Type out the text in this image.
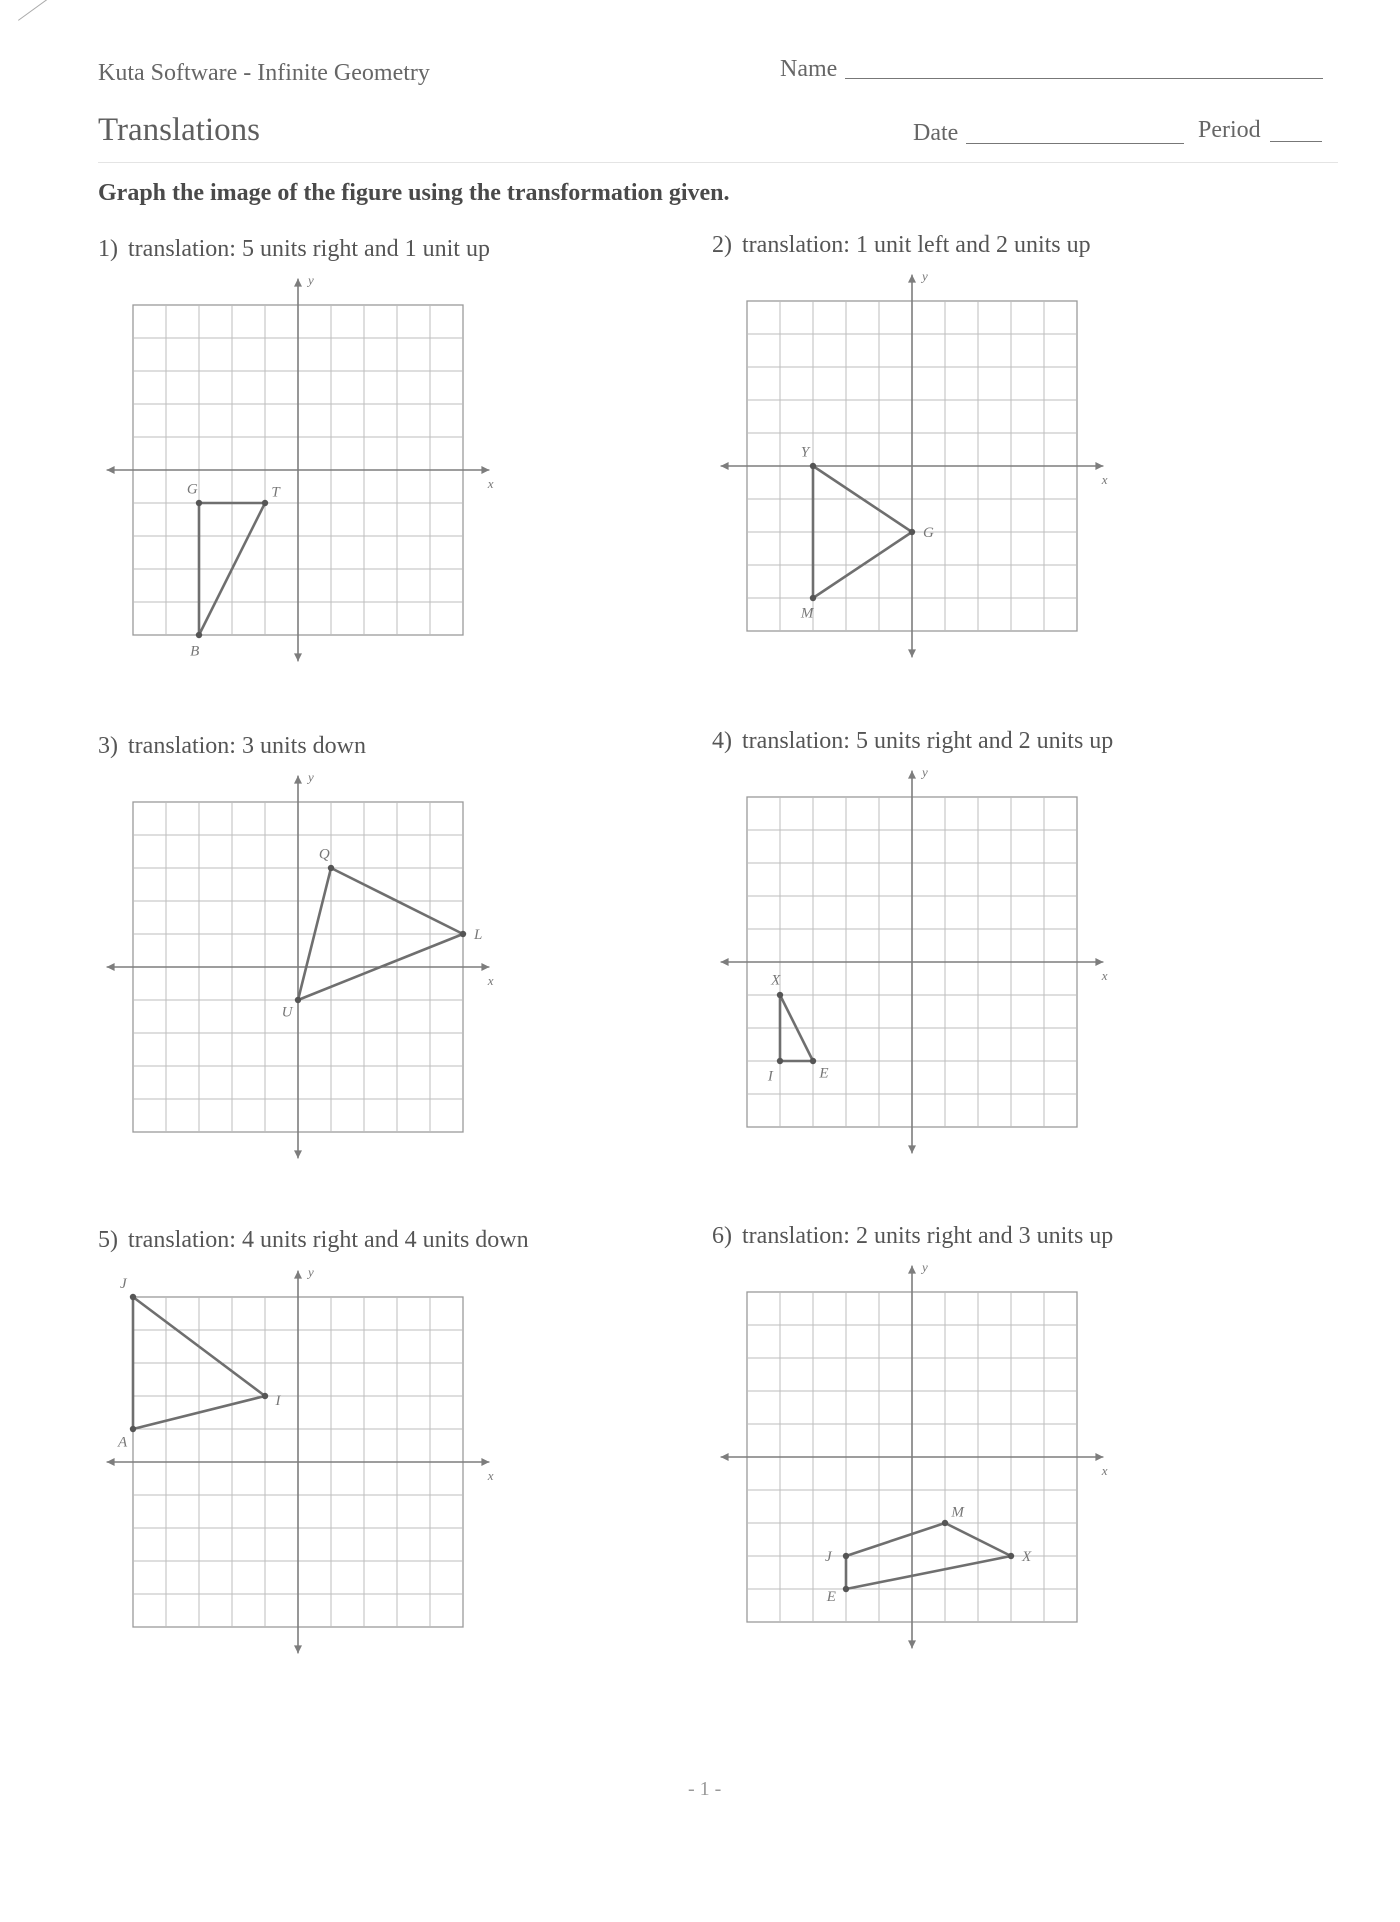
Kuta Software - Infinite Geometry	Name
Translations	Date	Period
Graph the image of the figure using the transformation given.
1) translation: 5 units right and 1 unit up	2) translation: 1 unit left and 2 units up
3) translation: 3 units down	4) translation: 5 units right and 2 units up
5) translation: 4 units right and 4 units down	6) translation: 2 units right and 3 units up
x
y
G	T
B
x
y
Y
G
M
x
y
Q
L
U
x
y
X
E
I
x
y
J
I
A
x
y
M
X
E
J
- 1 -
